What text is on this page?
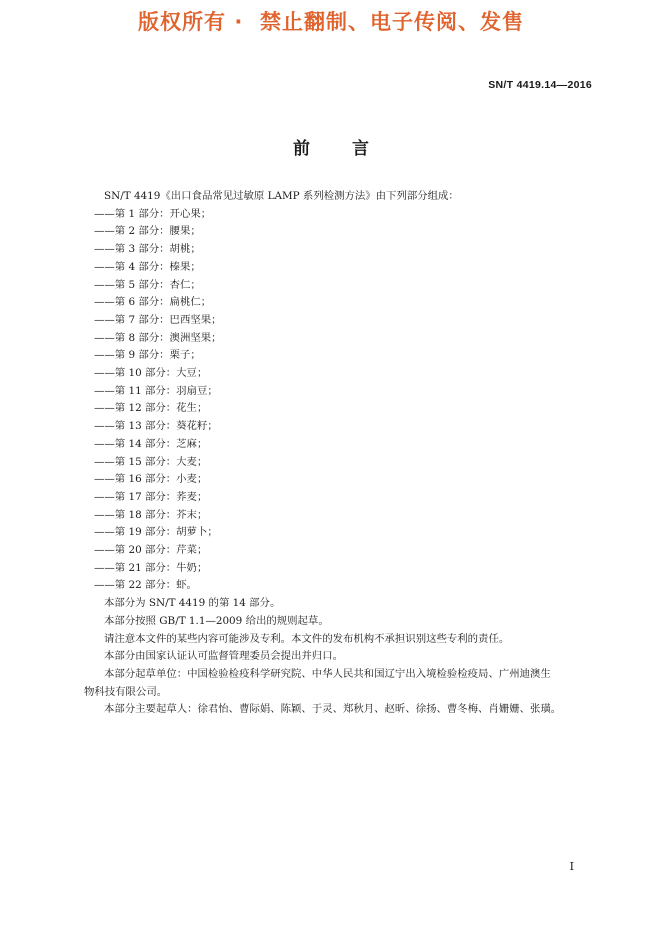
版权所有 ·  禁止翻制、电子传阅、发售
SN/T 4419.14—2016
前 言

SN/T 4419《出口食品常见过敏原 LAMP 系列检测方法》由下列部分组成：

——第 1 部分：开心果；

——第 2 部分：腰果；

——第 3 部分：胡桃；

——第 4 部分：榛果；

——第 5 部分：杏仁；

——第 6 部分：扁桃仁；

——第 7 部分：巴西坚果；

——第 8 部分：澳洲坚果；

——第 9 部分：栗子；

——第 10 部分：大豆；

——第 11 部分：羽扇豆；

——第 12 部分：花生；

——第 13 部分：葵花籽；

——第 14 部分：芝麻；

——第 15 部分：大麦；

——第 16 部分：小麦；

——第 17 部分：荞麦；

——第 18 部分：芥末；

——第 19 部分：胡萝卜；

——第 20 部分：芹菜；

——第 21 部分：牛奶；

——第 22 部分：虾。

本部分为 SN/T 4419 的第 14 部分。

本部分按照 GB/T 1.1—2009 给出的规则起草。

请注意本文件的某些内容可能涉及专利。本文件的发布机构不承担识别这些专利的责任。

本部分由国家认证认可监督管理委员会提出并归口。

本部分起草单位：中国检验检疫科学研究院、中华人民共和国辽宁出入境检验检疫局、广州迪澳生

物科技有限公司。

本部分主要起草人：徐君怡、曹际娟、陈颖、于灵、郑秋月、赵昕、徐扬、曹冬梅、肖姗姗、张璜。

I
